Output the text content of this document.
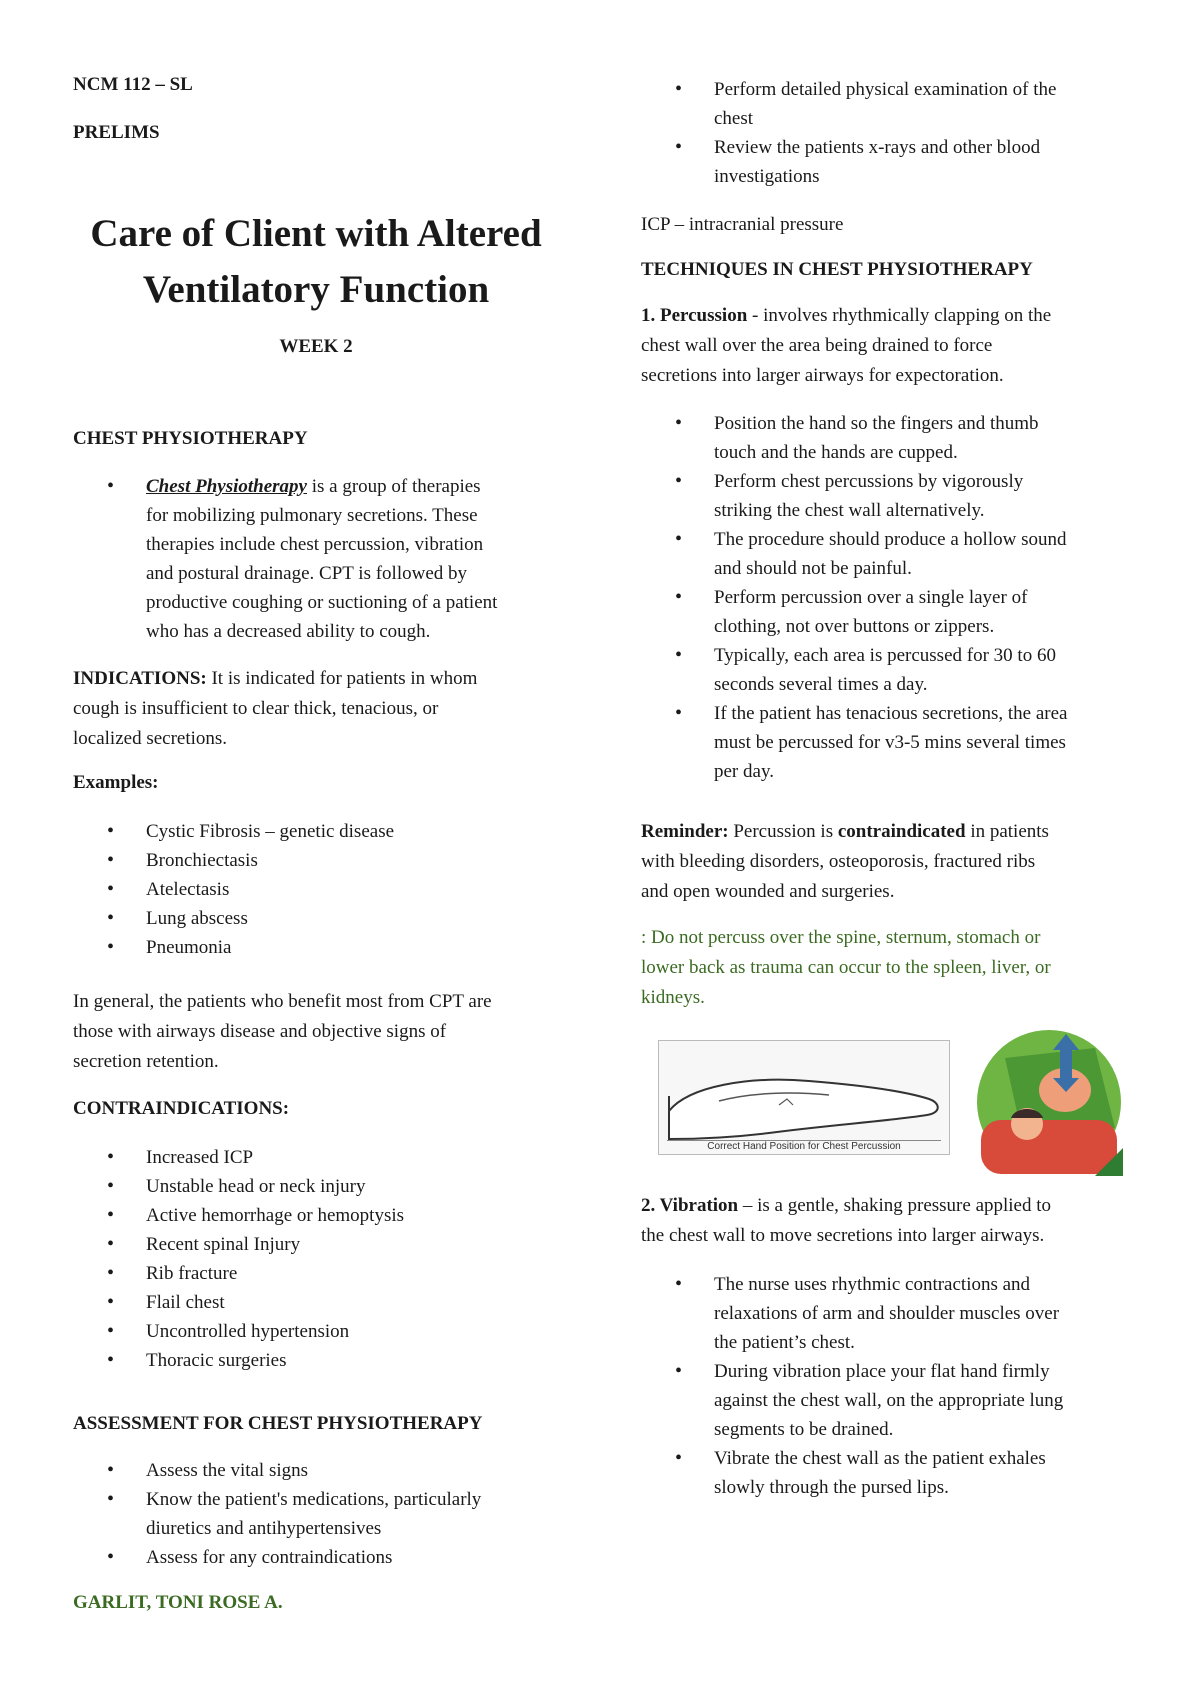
NCM 112 – SL
PRELIMS
Care of Client with Altered
Ventilatory Function
WEEK 2
CHEST PHYSIOTHERAPY
• Chest Physiotherapy is a group of therapies
for mobilizing pulmonary secretions. These
therapies include chest percussion, vibration
and postural drainage. CPT is followed by
productive coughing or suctioning of a patient
who has a decreased ability to cough.
INDICATIONS: It is indicated for patients in whom
cough is insufficient to clear thick, tenacious, or
localized secretions.
Examples:
• Cystic Fibrosis – genetic disease
• Bronchiectasis
• Atelectasis
• Lung abscess
• Pneumonia
In general, the patients who benefit most from CPT are
those with airways disease and objective signs of
secretion retention.
CONTRAINDICATIONS:
• Increased ICP
• Unstable head or neck injury
• Active hemorrhage or hemoptysis
• Recent spinal Injury
• Rib fracture
• Flail chest
• Uncontrolled hypertension
• Thoracic surgeries
ASSESSMENT FOR CHEST PHYSIOTHERAPY
• Assess the vital signs
• Know the patient's medications, particularly
diuretics and antihypertensives
• Assess for any contraindications
GARLIT, TONI ROSE A.
• Perform detailed physical examination of the
chest
• Review the patients x-rays and other blood
investigations
ICP – intracranial pressure
TECHNIQUES IN CHEST PHYSIOTHERAPY
1. Percussion - involves rhythmically clapping on the
chest wall over the area being drained to force
secretions into larger airways for expectoration.
• Position the hand so the fingers and thumb
touch and the hands are cupped.
• Perform chest percussions by vigorously
striking the chest wall alternatively.
• The procedure should produce a hollow sound
and should not be painful.
• Perform percussion over a single layer of
clothing, not over buttons or zippers.
• Typically, each area is percussed for 30 to 60
seconds several times a day.
• If the patient has tenacious secretions, the area
must be percussed for v3-5 mins several times
per day.
Reminder: Percussion is contraindicated in patients
with bleeding disorders, osteoporosis, fractured ribs
and open wounded and surgeries.
: Do not percuss over the spine, sternum, stomach or
lower back as trauma can occur to the spleen, liver, or
kidneys.
Correct Hand Position for Chest Percussion
2. Vibration – is a gentle, shaking pressure applied to
the chest wall to move secretions into larger airways.
• The nurse uses rhythmic contractions and
relaxations of arm and shoulder muscles over
the patient’s chest.
• During vibration place your flat hand firmly
against the chest wall, on the appropriate lung
segments to be drained.
• Vibrate the chest wall as the patient exhales
slowly through the pursed lips.
